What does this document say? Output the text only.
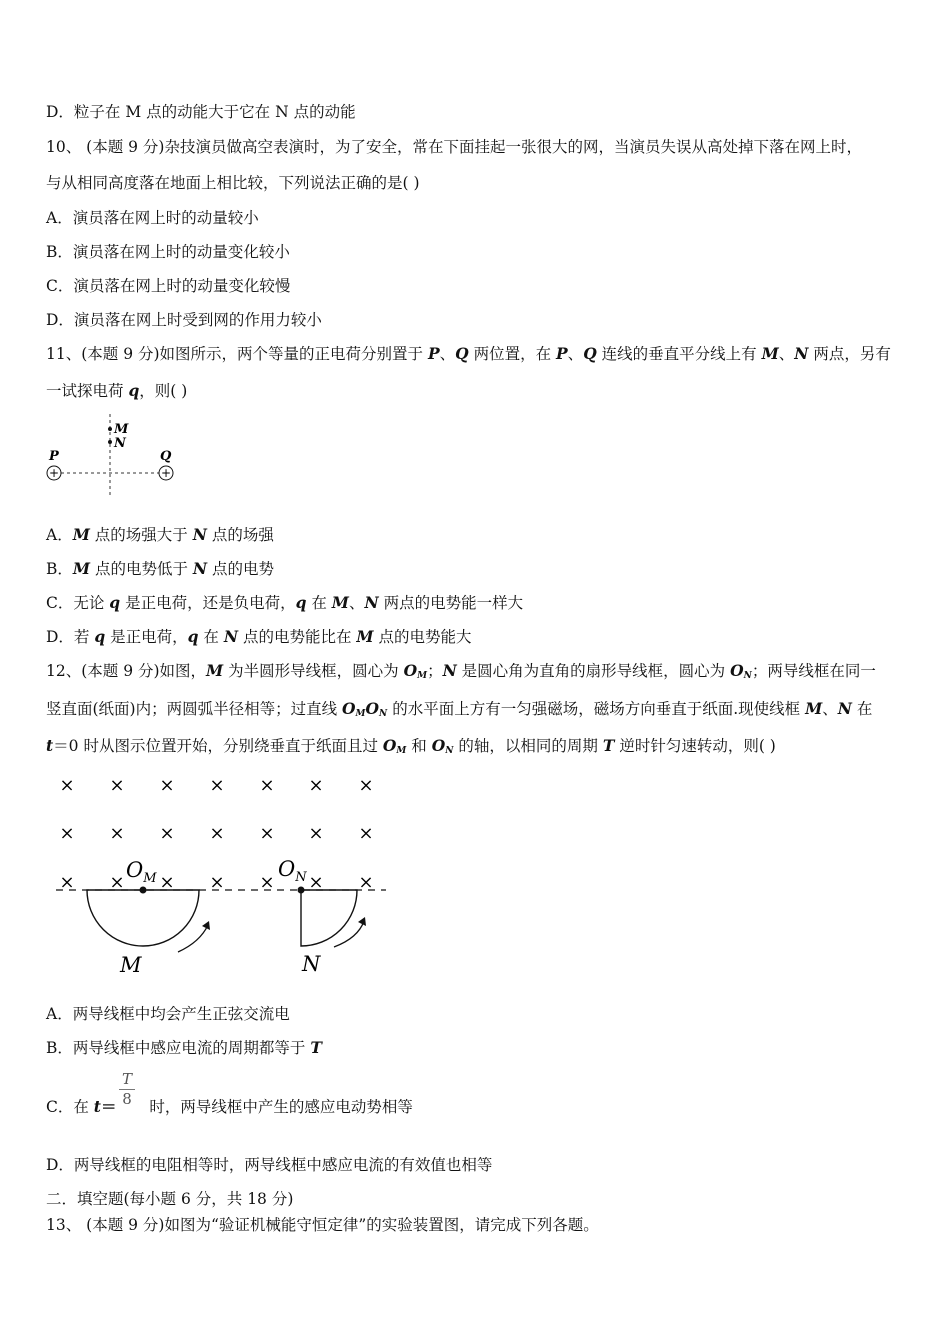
D．粒子在 M 点的动能大于它在 N 点的动能
10、 (本题 9 分)杂技演员做高空表演时，为了安全，常在下面挂起一张很大的网，当演员失误从高处掉下落在网上时，
与从相同高度落在地面上相比较，下列说法正确的是( )
A．演员落在网上时的动量较小
B．演员落在网上时的动量变化较小
C．演员落在网上时的动量变化较慢
D．演员落在网上时受到网的作用力较小
11、(本题 9 分)如图所示，两个等量的正电荷分别置于 P、Q 两位置，在 P、Q 连线的垂直平分线上有 M、N 两点，另有
一试探电荷 q，则( )
M
N
+	+
P	Q
A．M 点的场强大于 N 点的场强
B．M 点的电势低于 N 点的电势
C．无论 q 是正电荷，还是负电荷，q 在 M、N 两点的电势能一样大
D．若 q 是正电荷，q 在 N 点的电势能比在 M 点的电势能大
12、(本题 9 分)如图，M 为半圆形导线框，圆心为 $O_M$；N 是圆心角为直角的扇形导线框，圆心为 $O_N$；两导线框在同一
竖直面(纸面)内；两圆弧半径相等；过直线 $O_MO_N$ 的水平面上方有一匀强磁场，磁场方向垂直于纸面.现使线框 M、N 在
t＝0 时从图示位置开始，分别绕垂直于纸面且过 $O_M$ 和 $O_N$ 的轴，以相同的周期 T 逆时针匀速转动，则( )
× × × × × × ×
× × × × × × ×
× × × × × × ×
$O_M$	$O_N$
M	N
A．两导线框中均会产生正弦交流电
B．两导线框中感应电流的周期都等于 T
T
8
C．在 t＝ 时，两导线框中产生的感应电动势相等
D．两导线框的电阻相等时，两导线框中感应电流的有效值也相等
二．填空题(每小题 6 分，共 18 分)
13、 (本题 9 分)如图为“验证机械能守恒定律”的实验装置图，请完成下列各题。
